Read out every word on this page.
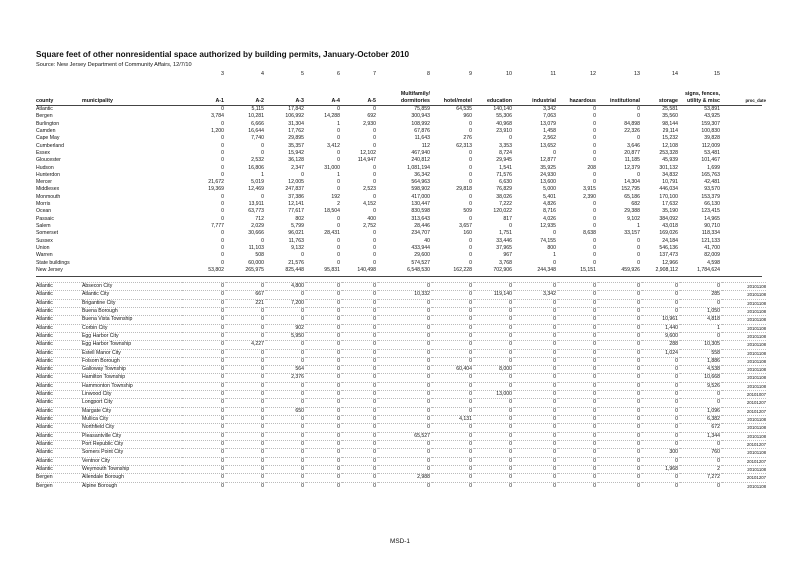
Square feet of other nonresidential space authorized by building permits, January-October 2010
Source: New Jersey Department of Community Affairs, 12/7/10
		3	4	5	6	7	8	9	10	11	12	13	14	15	
county	municipality	A-1	A-2	A-3	A-4	A-5	Multifamily/ dormitories	hotel/motel	education	industrial	hazardous	institutional	storage	signs, fences, utility & misc	proc_date
Atlantic		0	5,115	17,842	0	0	75,859	64,535	140,140	3,342	0	0	25,581	53,891	
Bergen		3,784	10,281	106,992	14,288	692	300,943	960	55,306	7,063	0	0	35,560	43,925	
Burlington		0	6,666	31,304	1	2,930	108,992	0	40,968	13,079	0	84,898	98,144	159,307	
Camden		1,200	16,644	17,762	0	0	67,876	0	23,910	1,458	0	22,326	29,114	100,830	
Cape May		0	7,740	29,895	0	0	11,643	276	0	2,562	0	0	15,232	39,828	
Cumberland		0	0	35,357	3,412	0	112	62,313	3,353	13,652	0	3,646	12,108	112,009	
Essex		0	0	15,942	0	12,102	467,940	0	8,724	0	0	20,877	253,328	53,481	
Gloucester		0	2,532	36,128	0	114,947	240,812	0	29,945	12,877	0	11,185	45,939	101,467	
Hudson		0	16,806	2,347	31,000	0	1,081,194	0	1,541	35,925	208	12,379	301,132	1,699	
Hunterdon		0	1	0	1	0	36,342	0	71,576	24,930	0	0	34,832	165,763	
Mercer		21,672	5,019	12,005	0	0	564,963	0	6,630	13,600	0	14,304	10,791	42,481	
Middlesex		19,369	12,469	247,837	0	2,523	598,902	29,818	76,829	5,000	3,915	152,795	446,034	93,570	
Monmouth		0	0	37,386	192	0	417,000	0	38,026	5,401	2,390	65,186	170,100	153,379	
Morris		0	13,911	12,141	2	4,152	130,447	0	7,222	4,826	0	682	17,632	66,130	
Ocean		0	63,773	77,617	18,504	0	830,598	509	120,022	8,716	0	29,388	35,190	123,415	
Passaic		0	712	802	0	400	313,643	0	817	4,026	0	9,102	384,092	14,965	
Salem		7,777	2,029	5,799	0	2,752	28,446	3,657	0	12,935	0	1	43,018	90,710	
Somerset		0	30,666	96,021	28,431	0	234,707	160	1,751	0	8,638	33,157	169,026	118,334	
Sussex		0	0	11,763	0	0	40	0	33,446	74,155	0	0	24,184	121,133	
Union		0	11,103	9,132	0	0	433,944	0	37,965	800	0	0	546,136	41,700	
Warren		0	508	0	0	0	29,600	0	967	1	0	0	137,473	82,009	
State buildings		0	60,000	21,576	0	0	574,527	0	3,768	0	0	0	12,966	4,598	
New Jersey		53,802	265,975	825,448	95,831	140,498	6,548,530	162,228	702,906	244,348	15,151	459,926	2,908,112	1,784,624	
Atlantic	Absecon City	0	0	4,800	0	0	0	0	0	0	0	0	0	0	20101108
Atlantic	Atlantic City	0	667	0	0	0	10,332	0	119,140	3,342	0	0	0	285	20101108
Atlantic	Brigantine City	0	221	7,200	0	0	0	0	0	0	0	0	0	0	20101108
Atlantic	Buena Borough	0	0	0	0	0	0	0	0	0	0	0	0	1,050	20101108
Atlantic	Buena Vista Township	0	0	0	0	0	0	0	0	0	0	0	10,961	4,818	20101108
Atlantic	Corbin City	0	0	902	0	0	0	0	0	0	0	0	1,440	1	20101108
Atlantic	Egg Harbor City	0	0	5,950	0	0	0	0	0	0	0	0	9,600	0	20101108
Atlantic	Egg Harbor Township	0	4,227	0	0	0	0	0	0	0	0	0	288	10,305	20101108
Atlantic	Estell Manor City	0	0	0	0	0	0	0	0	0	0	0	1,024	558	20101108
Atlantic	Folsom Borough	0	0	0	0	0	0	0	0	0	0	0	0	1,886	20101108
Atlantic	Galloway Township	0	0	564	0	0	0	60,404	8,000	0	0	0	0	4,538	20101108
Atlantic	Hamilton Township	0	0	2,376	0	0	0	0	0	0	0	0	0	10,668	20101108
Atlantic	Hammonton Township	0	0	0	0	0	0	0	0	0	0	0	0	9,526	20101108
Atlantic	Linwood City	0	0	0	0	0	0	0	13,000	0	0	0	0	0	20101007
Atlantic	Longport City	0	0	0	0	0	0	0	0	0	0	0	0	0	20101207
Atlantic	Margate City	0	0	650	0	0	0	0	0	0	0	0	0	1,096	20101207
Atlantic	Mullica City	0	0	0	0	0	0	4,131	0	0	0	0	0	6,382	20101108
Atlantic	Northfield City	0	0	0	0	0	0	0	0	0	0	0	0	672	20101108
Atlantic	Pleasantville City	0	0	0	0	0	65,527	0	0	0	0	0	0	1,344	20101108
Atlantic	Port Republic City	0	0	0	0	0	0	0	0	0	0	0	0	0	20101207
Atlantic	Somers Point City	0	0	0	0	0	0	0	0	0	0	0	300	760	20101108
Atlantic	Ventnor City	0	0	0	0	0	0	0	0	0	0	0	0	0	20101207
Atlantic	Weymouth Township	0	0	0	0	0	0	0	0	0	0	0	1,968	2	20101108
Bergen	Allendale Borough	0	0	0	0	0	2,988	0	0	0	0	0	0	7,272	20101207
Bergen	Alpine Borough	0	0	0	0	0	0	0	0	0	0	0	0	0	20101108
MSD-1
